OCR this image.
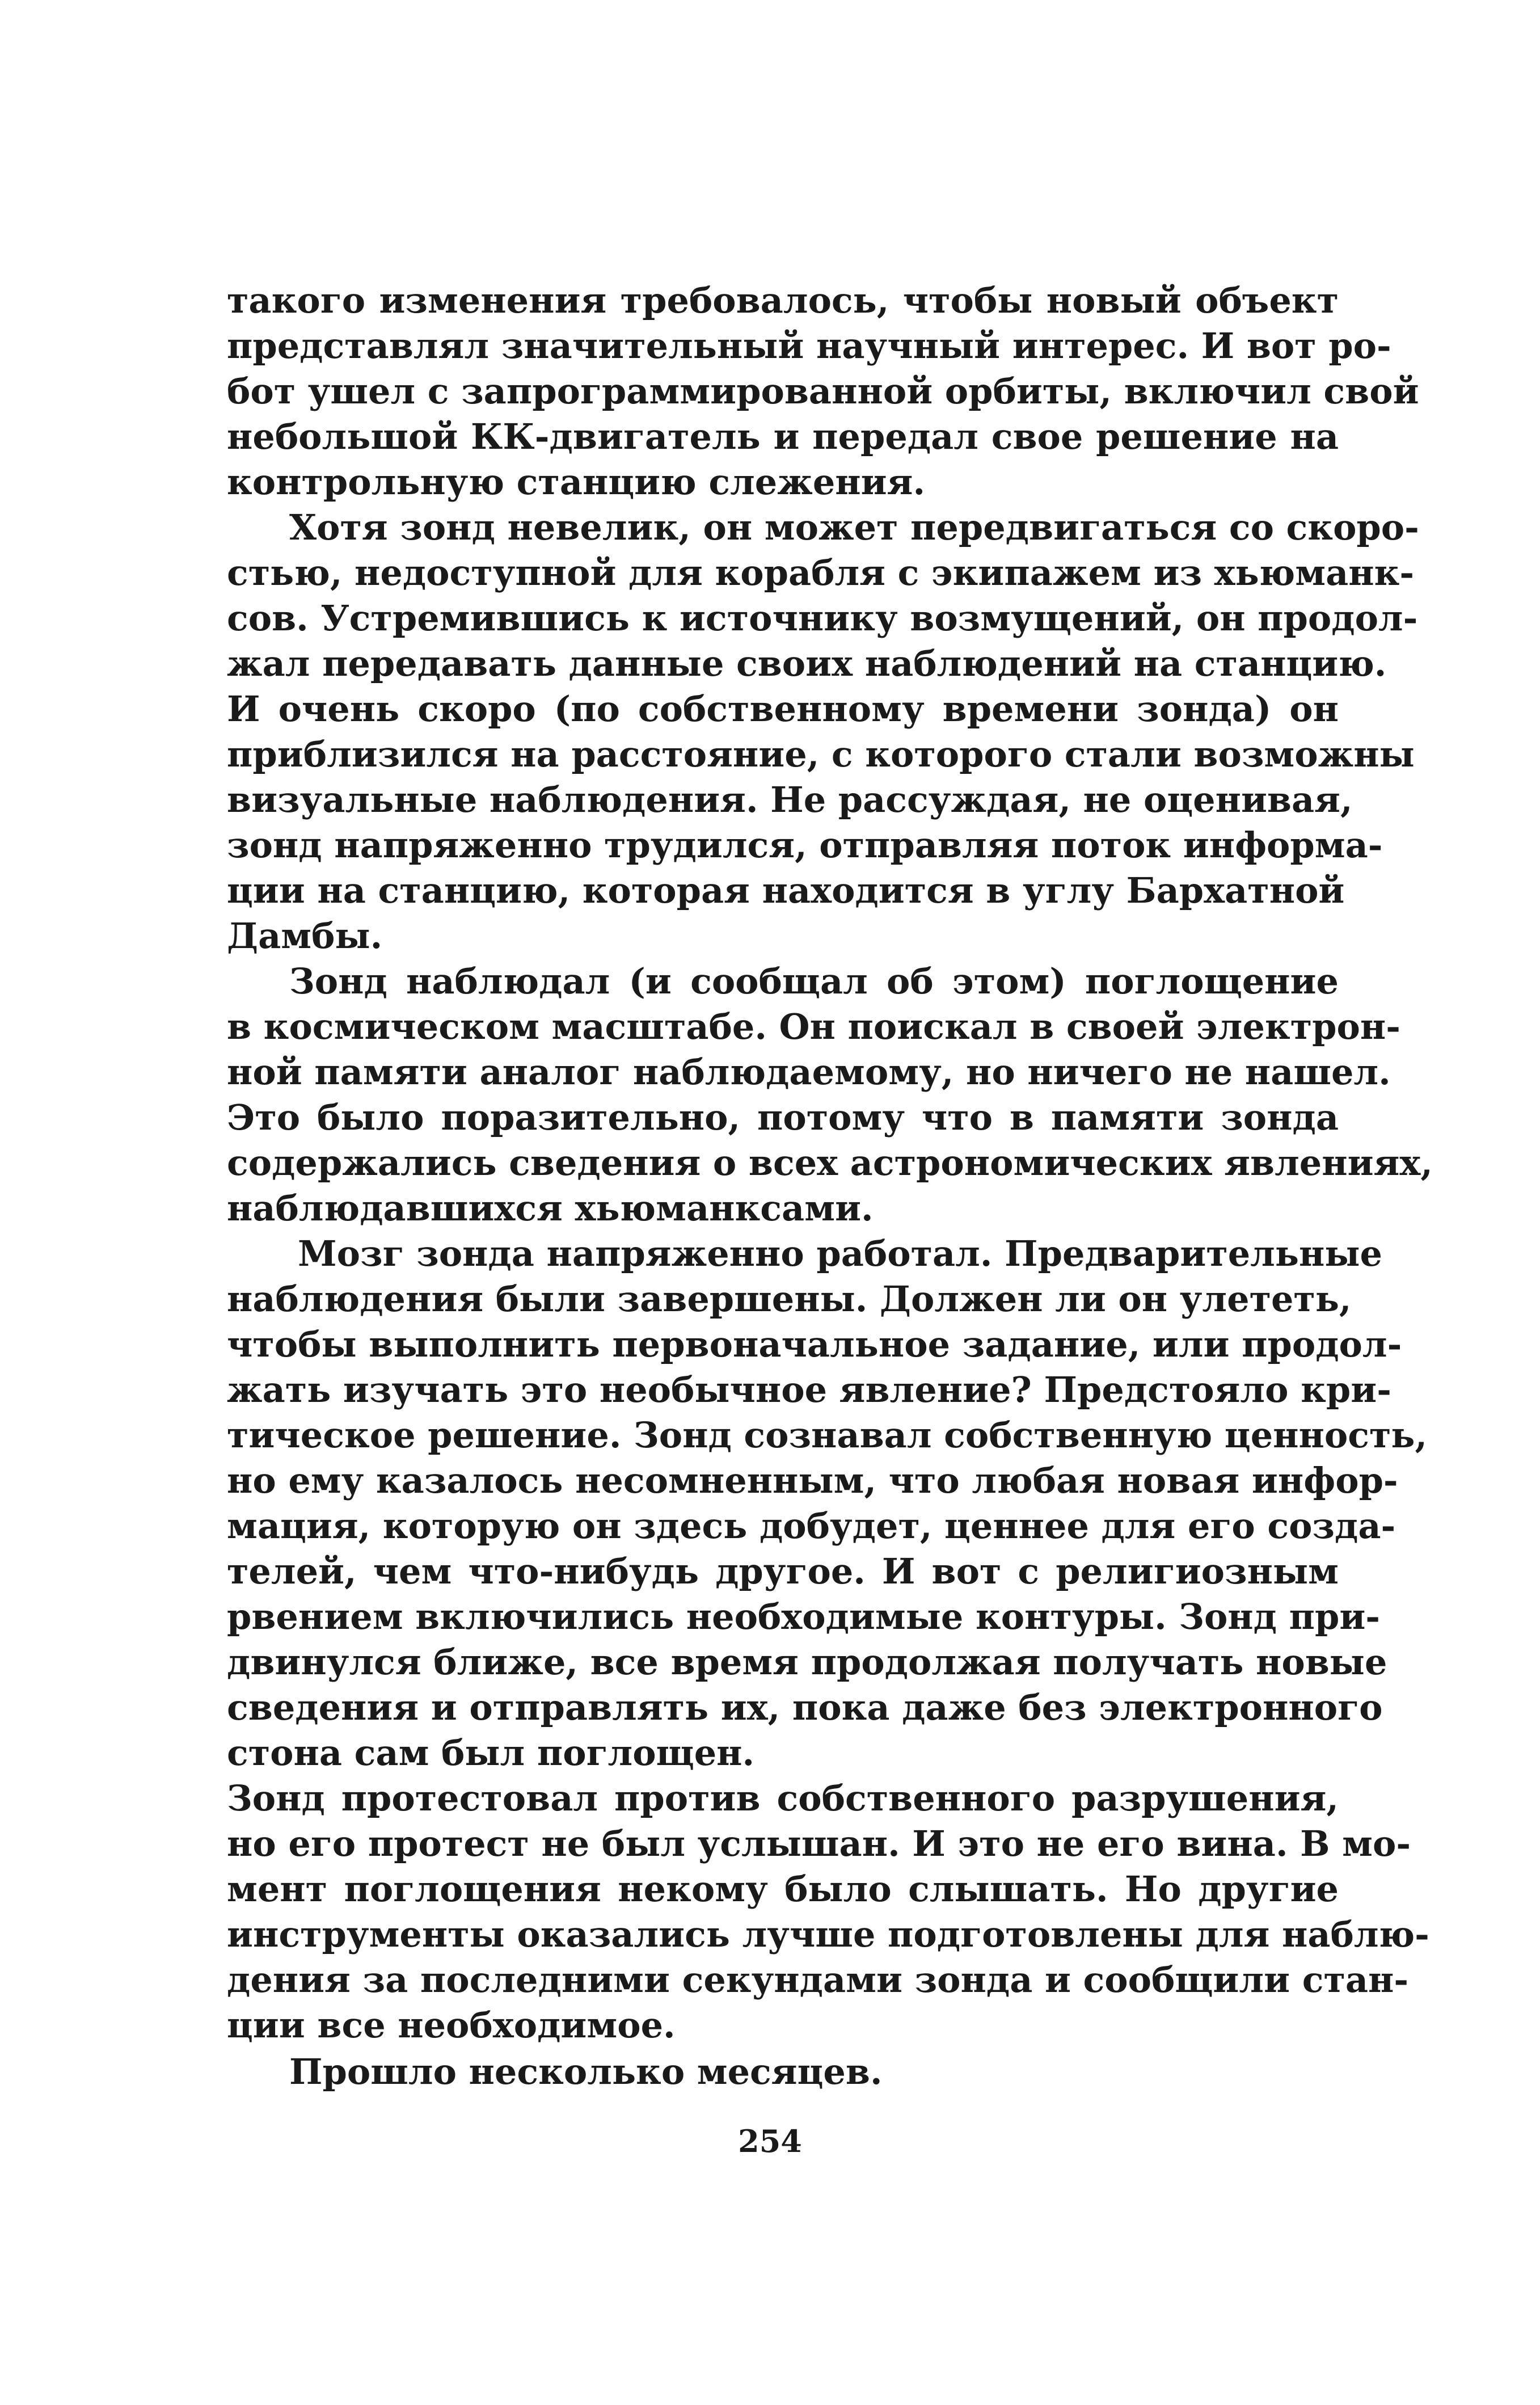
такого изменения требовалось, чтобы новый объект
представлял значительный научный интерес. И вот ро-
бот ушел с запрограммированной орбиты, включил свой
небольшой КК-двигатель и передал свое решение на
контрольную станцию слежения.
Хотя зонд невелик, он может передвигаться со скоро-
стью, недоступной для корабля с экипажем из хьюманк-
сов. Устремившись к источнику возмущений, он продол-
жал передавать данные своих наблюдений на станцию.
И очень скоро (по собственному времени зонда) он
приблизился на расстояние, с которого стали возможны
визуальные наблюдения. Не рассуждая, не оценивая,
зонд напряженно трудился, отправляя поток информа-
ции на станцию, которая находится в углу Бархатной
Дамбы.
Зонд наблюдал (и сообщал об этом) поглощение
в космическом масштабе. Он поискал в своей электрон-
ной памяти аналог наблюдаемому, но ничего не нашел.
Это было поразительно, потому что в памяти зонда
содержались сведения о всех астрономических явлениях,
наблюдавшихся хьюманксами.
Мозг зонда напряженно работал. Предварительные
наблюдения были завершены. Должен ли он улететь,
чтобы выполнить первоначальное задание, или продол-
жать изучать это необычное явление? Предстояло кри-
тическое решение. Зонд сознавал собственную ценность,
но ему казалось несомненным, что любая новая инфор-
мация, которую он здесь добудет, ценнее для его созда-
телей, чем что-нибудь другое. И вот с религиозным
рвением включились необходимые контуры. Зонд при-
двинулся ближе, все время продолжая получать новые
сведения и отправлять их, пока даже без электронного
стона сам был поглощен.
Зонд протестовал против собственного разрушения,
но его протест не был услышан. И это не его вина. В мо-
мент поглощения некому было слышать. Но другие
инструменты оказались лучше подготовлены для наблю-
дения за последними секундами зонда и сообщили стан-
ции все необходимое.
Прошло несколько месяцев.
254
